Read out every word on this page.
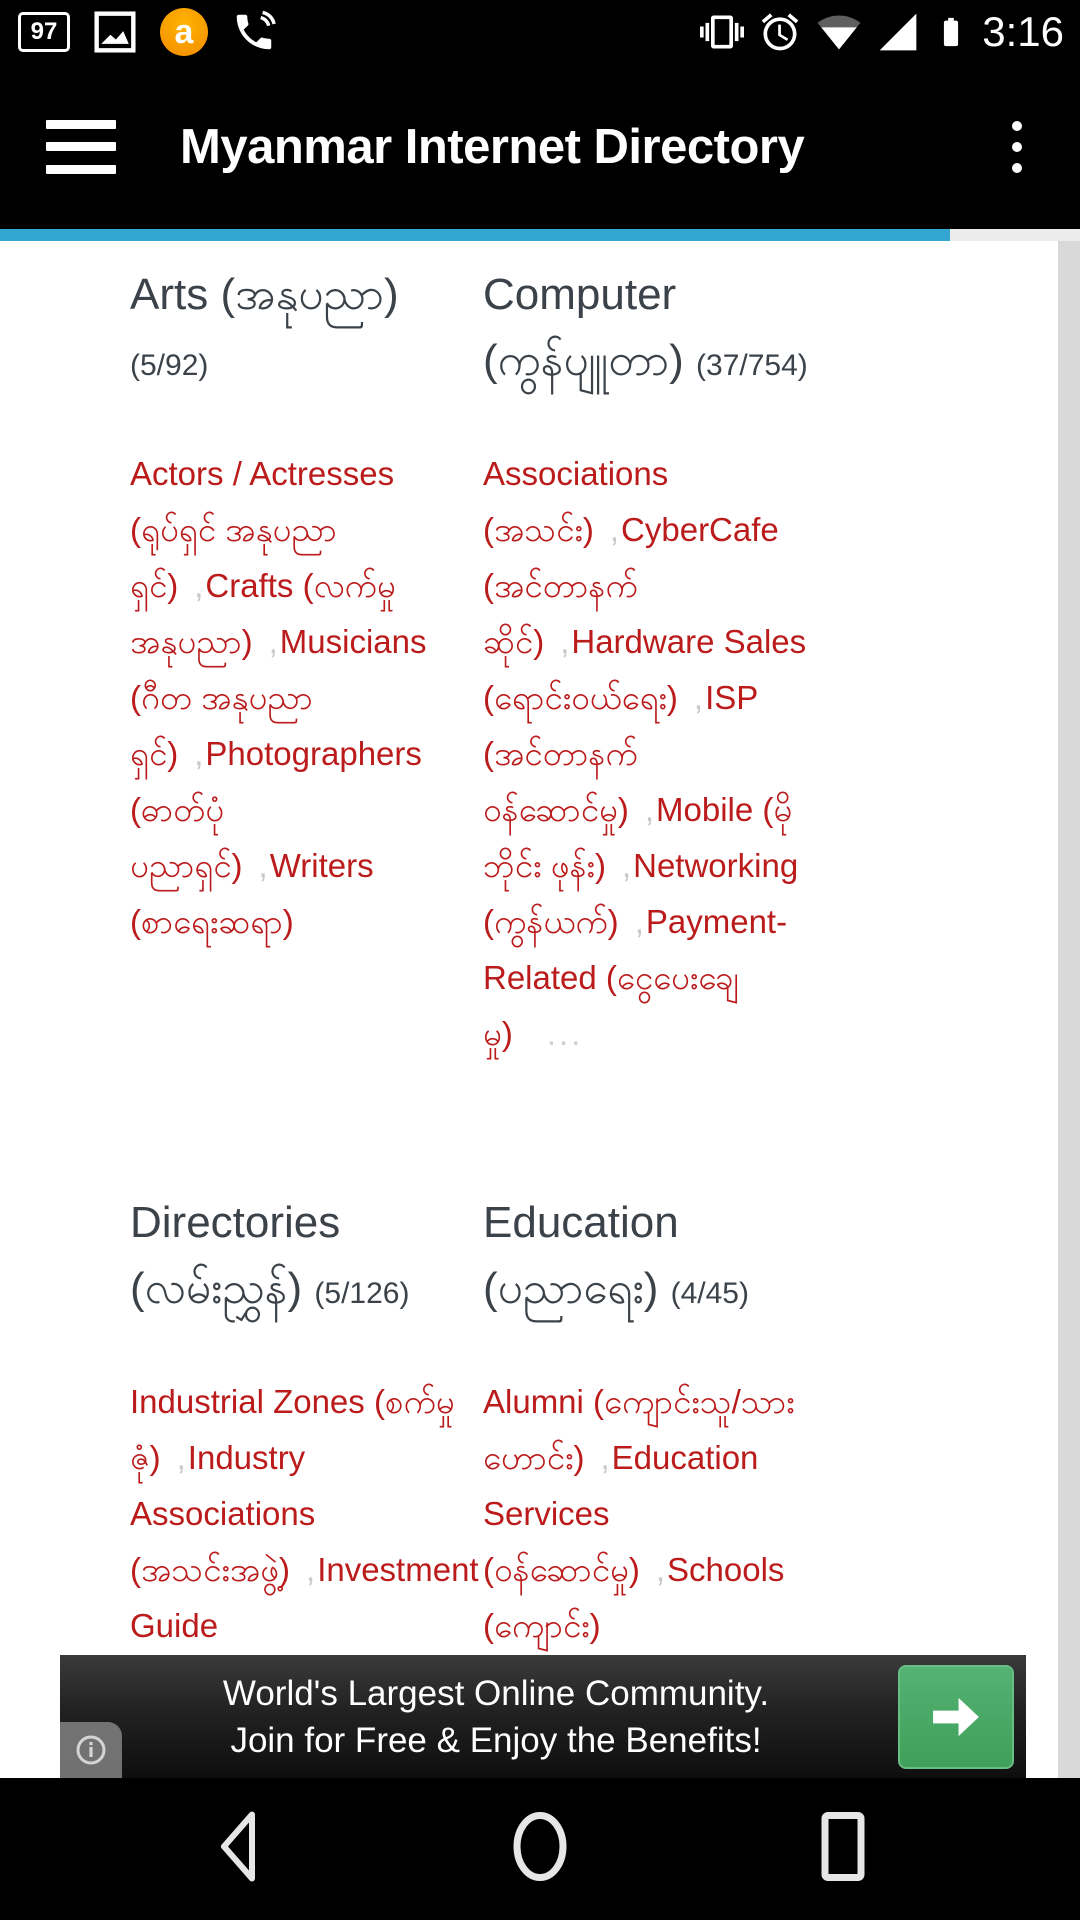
97	a	3:16
Myanmar Internet Directory
Arts (အနုပညာ) (5/92)
Actors / Actresses (ရုပ်ရှင် အနုပညာရှင်) ,Crafts (လက်မှု အနုပညာ) ,Musicians (ဂီတ အနုပညာရှင်) ,Photographers (ဓာတ်ပုံ ပညာရှင်) ,Writers (စာရေးဆရာ)
Computer (ကွန်ပျူတာ) (37/754)
Associations (အသင်း) ,CyberCafe (အင်တာနက်ဆိုင်) ,Hardware Sales (ရောင်းဝယ်ရေး) ,ISP (အင်တာနက် ဝန်ဆောင်မှု) ,Mobile (မိုဘိုင်း ဖုန်း) ,Networking (ကွန်ယက်) ,Payment-Related (ငွေပေးချေမှု) ...
Directories (လမ်းညွှန်) (5/126)
Industrial Zones (စက်မှုဇုံ) ,Industry Associations (အသင်းအဖွဲ့) ,Investment Guide
Education (ပညာရေး) (4/45)
Alumni (ကျောင်းသူ/သားဟောင်း) ,Education Services (ဝန်ဆောင်မှု) ,Schools (ကျောင်း)
World's Largest Online Community.
Join for Free & Enjoy the Benefits!
